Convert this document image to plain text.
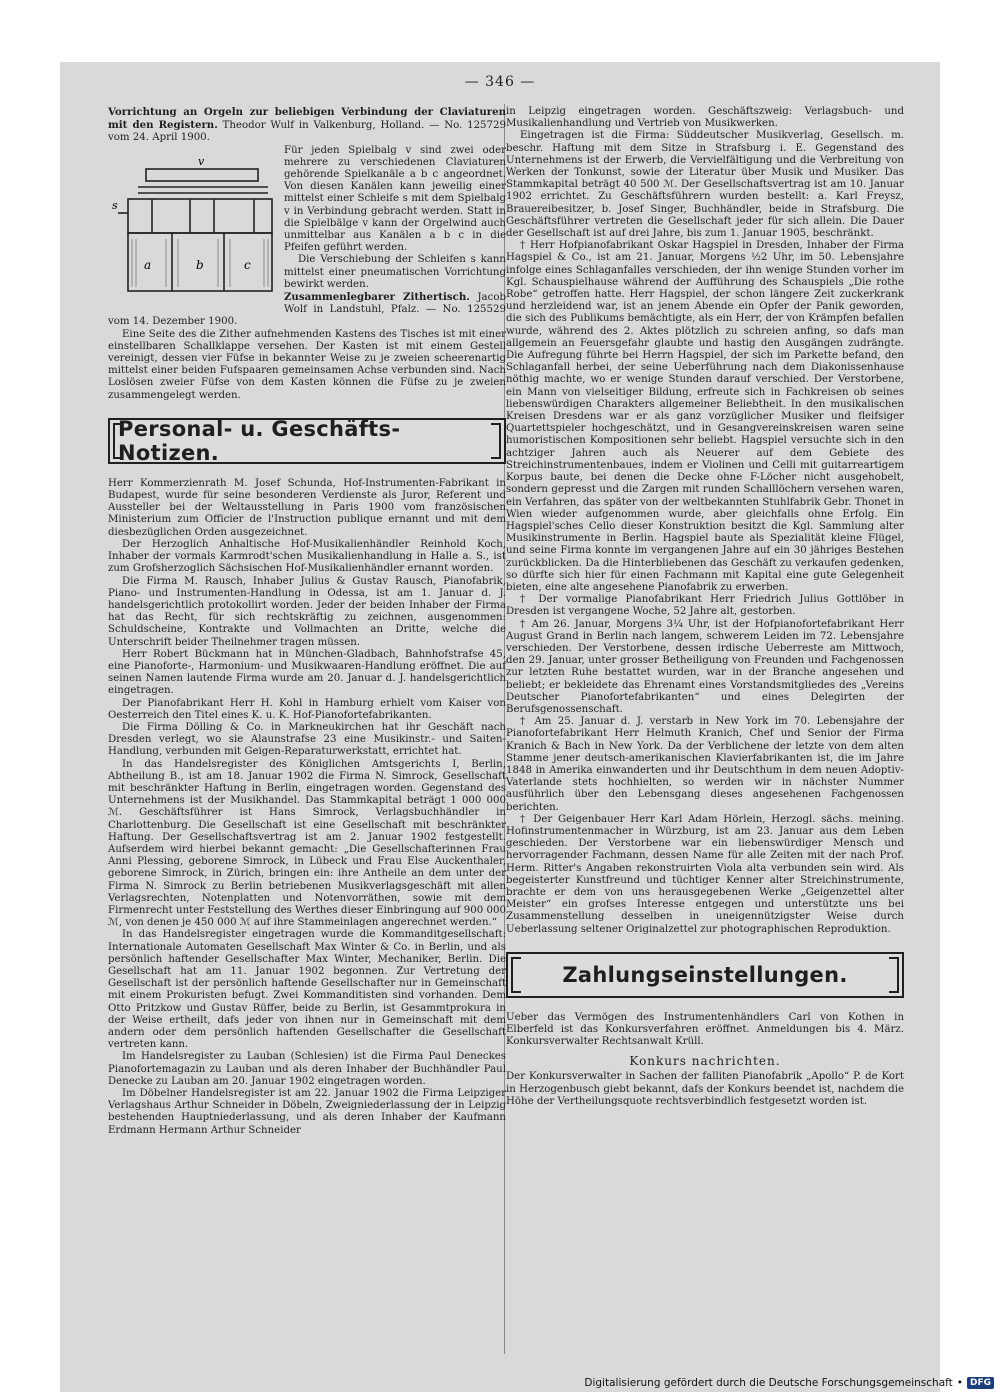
— 346 —

Vorrichtung an Orgeln zur beliebigen Verbindung der Claviaturen mit den Registern. Theodor Wulf in Valkenburg, Holland. — No. 125729 vom 24. April 1900.

v
s
a	b	c

Für jeden Spielbalg v sind zwei oder mehrere zu verschiedenen Claviaturen gehörende Spielkanäle a b c angeordnet. Von diesen Kanälen kann jeweilig einer mittelst einer Schleife s mit dem Spielbalg v in Verbindung gebracht werden. Statt in die Spielbälge v kann der Orgelwind auch unmittelbar aus Kanälen a b c in die Pfeifen geführt werden.

Die Verschiebung der Schleifen s kann mittelst einer pneumatischen Vorrichtung bewirkt werden.

Zusammenlegbarer Zithertisch. Jacob Wolf in Landstuhl, Pfalz. — No. 125529 vom 14. Dezember 1900.

Eine Seite des die Zither aufnehmenden Kastens des Tisches ist mit einer einstellbaren Schallklappe versehen. Der Kasten ist mit einem Gestell vereinigt, dessen vier Füfse in bekannter Weise zu je zweien scheerenartig mittelst einer beiden Fufspaaren gemeinsamen Achse verbunden sind. Nach Loslösen zweier Füfse von dem Kasten können die Füfse zu je zweien zusammengelegt werden.

Personal- u. Geschäfts-Notizen.

Herr Kommerzienrath M. Josef Schunda, Hof-Instrumenten-Fabrikant in Budapest, wurde für seine besonderen Verdienste als Juror, Referent und Aussteller bei der Weltausstellung in Paris 1900 vom französischen Ministerium zum Officier de l'Instruction publique ernannt und mit dem diesbezüglichen Orden ausgezeichnet.

Der Herzoglich Anhaltische Hof-Musikalienhändler Reinhold Koch, Inhaber der vormals Karmrodt'schen Musikalienhandlung in Halle a. S., ist zum Grofsherzoglich Sächsischen Hof-Musikalienhändler ernannt worden.

Die Firma M. Rausch, Inhaber Julius & Gustav Rausch, Pianofabrik, Piano- und Instrumenten-Handlung in Odessa, ist am 1. Januar d. J. handelsgerichtlich protokollirt worden. Jeder der beiden Inhaber der Firma hat das Recht, für sich rechtskräftig zu zeichnen, ausgenommen: Schuldscheine, Kontrakte und Vollmachten an Dritte, welche die Unterschrift beider Theilnehmer tragen müssen.

Herr Robert Bückmann hat in München-Gladbach, Bahnhofstrafse 45, eine Pianoforte-, Harmonium- und Musikwaaren-Handlung eröffnet. Die auf seinen Namen lautende Firma wurde am 20. Januar d. J. handelsgerichtlich eingetragen.

Der Pianofabrikant Herr H. Kohl in Hamburg erhielt vom Kaiser von Oesterreich den Titel eines K. u. K. Hof-Pianofortefabrikanten.

Die Firma Dölling & Co. in Markneukirchen hat ihr Geschäft nach Dresden verlegt, wo sie Alaunstrafse 23 eine Musikinstr.- und Saiten-Handlung, verbunden mit Geigen-Reparaturwerkstatt, errichtet hat.

In das Handelsregister des Königlichen Amtsgerichts I, Berlin, Abtheilung B., ist am 18. Januar 1902 die Firma N. Simrock, Gesellschaft mit beschränkter Haftung in Berlin, eingetragen worden. Gegenstand des Unternehmens ist der Musikhandel. Das Stammkapital beträgt 1 000 000 ℳ. Geschäftsführer ist Hans Simrock, Verlagsbuchhändler in Charlottenburg. Die Gesellschaft ist eine Gesellschaft mit beschränkter Haftung. Der Gesellschaftsvertrag ist am 2. Januar 1902 festgestellt. Aufserdem wird hierbei bekannt gemacht: „Die Gesellschafterinnen Frau Anni Plessing, geborene Simrock, in Lübeck und Frau Else Auckenthaler, geborene Simrock, in Zürich, bringen ein: ihre Antheile an dem unter der Firma N. Simrock zu Berlin betriebenen Musikverlagsgeschäft mit allen Verlagsrechten, Notenplatten und Notenvorräthen, sowie mit dem Firmenrecht unter Feststellung des Werthes dieser Einbringung auf 900 000 ℳ, von denen je 450 000 ℳ auf ihre Stammeinlagen angerechnet werden.“

In das Handelsregister eingetragen wurde die Kommanditgesellschaft: Internationale Automaten Gesellschaft Max Winter & Co. in Berlin, und als persönlich haftender Gesellschafter Max Winter, Mechaniker, Berlin. Die Gesellschaft hat am 11. Januar 1902 begonnen. Zur Vertretung der Gesellschaft ist der persönlich haftende Gesellschafter nur in Gemeinschaft mit einem Prokuristen befugt. Zwei Kommanditisten sind vorhanden. Dem Otto Pritzkow und Gustav Rüffer, beide zu Berlin, ist Gesammtprokura in der Weise ertheilt, dafs jeder von ihnen nur in Gemeinschaft mit dem andern oder dem persönlich haftenden Gesellschafter die Gesellschaft vertreten kann.

Im Handelsregister zu Lauban (Schlesien) ist die Firma Paul Deneckes Pianofortemagazin zu Lauban und als deren Inhaber der Buchhändler Paul Denecke zu Lauban am 20. Januar 1902 eingetragen worden.

Im Döbelner Handelsregister ist am 22. Januar 1902 die Firma Leipziger Verlagshaus Arthur Schneider in Döbeln, Zweigniederlassung der in Leipzig bestehenden Hauptniederlassung, und als deren Inhaber der Kaufmann Erdmann Hermann Arthur Schneider

in Leipzig eingetragen worden. Geschäftszweig: Verlagsbuch- und Musikalienhandlung und Vertrieb von Musikwerken.

Eingetragen ist die Firma: Süddeutscher Musikverlag, Gesellsch. m. beschr. Haftung mit dem Sitze in Strafsburg i. E. Gegenstand des Unternehmens ist der Erwerb, die Vervielfältigung und die Verbreitung von Werken der Tonkunst, sowie der Literatur über Musik und Musiker. Das Stammkapital beträgt 40 500 ℳ. Der Gesellschaftsvertrag ist am 10. Januar 1902 errichtet. Zu Geschäftsführern wurden bestellt: a. Karl Freysz, Brauereibesitzer, b. Josef Singer, Buchhändler, beide in Strafsburg. Die Geschäftsführer vertreten die Gesellschaft jeder für sich allein. Die Dauer der Gesellschaft ist auf drei Jahre, bis zum 1. Januar 1905, beschränkt.

† Herr Hofpianofabrikant Oskar Hagspiel in Dresden, Inhaber der Firma Hagspiel & Co., ist am 21. Januar, Morgens ½2 Uhr, im 50. Lebensjahre infolge eines Schlaganfalles verschieden, der ihn wenige Stunden vorher im Kgl. Schauspielhause während der Aufführung des Schauspiels „Die rothe Robe“ getroffen hatte. Herr Hagspiel, der schon längere Zeit zuckerkrank und herzleidend war, ist an jenem Abende ein Opfer der Panik geworden, die sich des Publikums bemächtigte, als ein Herr, der von Krämpfen befallen wurde, während des 2. Aktes plötzlich zu schreien anfing, so dafs man allgemein an Feuersgefahr glaubte und hastig den Ausgängen zudrängte. Die Aufregung führte bei Herrn Hagspiel, der sich im Parkette befand, den Schlaganfall herbei, der seine Ueberführung nach dem Diakonissenhause nöthig machte, wo er wenige Stunden darauf verschied. Der Verstorbene, ein Mann von vielseitiger Bildung, erfreute sich in Fachkreisen ob seines liebenswürdigen Charakters allgemeiner Beliebtheit. In den musikalischen Kreisen Dresdens war er als ganz vorzüglicher Musiker und fleifsiger Quartettspieler hochgeschätzt, und in Gesangvereinskreisen waren seine humoristischen Kompositionen sehr beliebt. Hagspiel versuchte sich in den achtziger Jahren auch als Neuerer auf dem Gebiete des Streichinstrumentenbaues, indem er Violinen und Celli mit guitarreartigem Korpus baute, bei denen die Decke ohne F-Löcher nicht ausgehobelt, sondern gepresst und die Zargen mit runden Schalllöchern versehen waren, ein Verfahren, das später von der weltbekannten Stuhlfabrik Gebr. Thonet in Wien wieder aufgenommen wurde, aber gleichfalls ohne Erfolg. Ein Hagspiel'sches Cello dieser Konstruktion besitzt die Kgl. Sammlung alter Musikinstrumente in Berlin. Hagspiel baute als Spezialität kleine Flügel, und seine Firma konnte im vergangenen Jahre auf ein 30 jähriges Bestehen zurückblicken. Da die Hinterbliebenen das Geschäft zu verkaufen gedenken, so dürfte sich hier für einen Fachmann mit Kapital eine gute Gelegenheit bieten, eine alte angesehene Pianofabrik zu erwerben.

† Der vormalige Pianofabrikant Herr Friedrich Julius Gottlöber in Dresden ist vergangene Woche, 52 Jahre alt, gestorben.

† Am 26. Januar, Morgens 3¼ Uhr, ist der Hofpianofortefabrikant Herr August Grand in Berlin nach langem, schwerem Leiden im 72. Lebensjahre verschieden. Der Verstorbene, dessen irdische Ueberreste am Mittwoch, den 29. Januar, unter grosser Betheiligung von Freunden und Fachgenossen zur letzten Ruhe bestattet wurden, war in der Branche angesehen und beliebt; er bekleidete das Ehrenamt eines Vorstandsmitgliedes des „Vereins Deutscher Pianofortefabrikanten“ und eines Delegirten der Berufsgenossenschaft.

† Am 25. Januar d. J. verstarb in New York im 70. Lebensjahre der Pianofortefabrikant Herr Helmuth Kranich, Chef und Senior der Firma Kranich & Bach in New York. Da der Verblichene der letzte von dem alten Stamme jener deutsch-amerikanischen Klavierfabrikanten ist, die im Jahre 1848 in Amerika einwanderten und ihr Deutschthum in dem neuen Adoptiv-Vaterlande stets hochhielten, so werden wir in nächster Nummer ausführlich über den Lebensgang dieses angesehenen Fachgenossen berichten.

† Der Geigenbauer Herr Karl Adam Hörlein, Herzogl. sächs. meining. Hofinstrumentenmacher in Würzburg, ist am 23. Januar aus dem Leben geschieden. Der Verstorbene war ein liebenswürdiger Mensch und hervorragender Fachmann, dessen Name für alle Zeiten mit der nach Prof. Herm. Ritter's Angaben rekonstruirten Viola alta verbunden sein wird. Als begeisterter Kunstfreund und tüchtiger Kenner alter Streichinstrumente, brachte er dem von uns herausgegebenen Werke „Geigenzettel alter Meister“ ein grofses Interesse entgegen und unterstützte uns bei Zusammenstellung desselben in uneigennützigster Weise durch Ueberlassung seltener Originalzettel zur photographischen Reproduktion.

Zahlungseinstellungen.

Ueber das Vermögen des Instrumentenhändlers Carl von Kothen in Elberfeld ist das Konkursverfahren eröffnet. Anmeldungen bis 4. März. Konkursverwalter Rechtsanwalt Krüll.

Konkurs nachrichten.

Der Konkursverwalter in Sachen der falliten Pianofabrik „Apollo“ P. de Kort in Herzogenbusch giebt bekannt, dafs der Konkurs beendet ist, nachdem die Höhe der Vertheilungsquote rechtsverbindlich festgesetzt worden ist.

Digitalisierung gefördert durch die Deutsche Forschungsgemeinschaft • DFG
